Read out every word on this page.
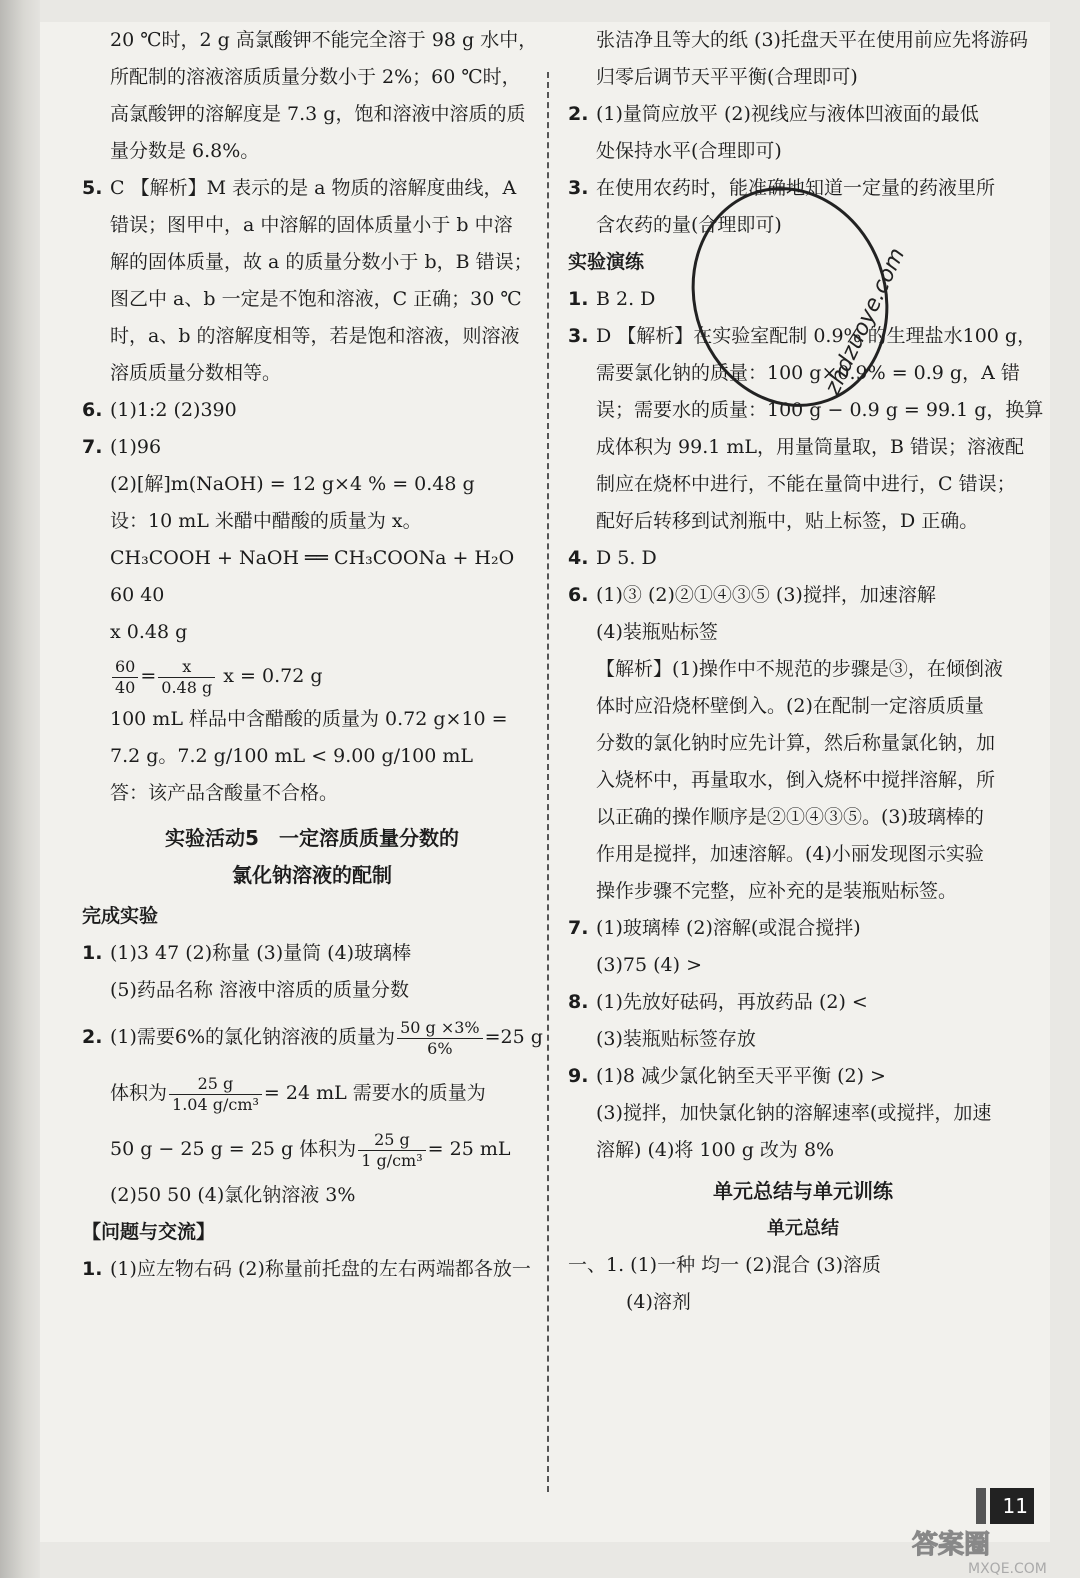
20 ℃时，2 g 高氯酸钾不能完全溶于 98 g 水中，

所配制的溶液溶质质量分数小于 2%；60 ℃时，

高氯酸钾的溶解度是 7.3 g，饱和溶液中溶质的质

量分数是 6.8%。

5. C 【解析】M 表示的是 a 物质的溶解度曲线，A

错误；图甲中，a 中溶解的固体质量小于 b 中溶

解的固体质量，故 a 的质量分数小于 b，B 错误；

图乙中 a、b 一定是不饱和溶液，C 正确；30 ℃

时，a、b 的溶解度相等，若是饱和溶液，则溶液

溶质质量分数相等。

6. (1)1:2 (2)390

7. (1)96

(2)[解]m(NaOH) = 12 g×4 % = 0.48 g

设：10 mL 米醋中醋酸的质量为 x。

CH₃COOH + NaOH ══ CH₃COONa + H₂O

60 40

x 0.48 g

$\frac{60}{40} = \frac{x}{0.48 g}$ x = 0.72 g

100 mL 样品中含醋酸的质量为 0.72 g×10 =

7.2 g。7.2 g/100 mL < 9.00 g/100 mL

答：该产品含酸量不合格。

实验活动5　一定溶质质量分数的
氯化钠溶液的配制

完成实验

1. (1)3 47 (2)称量 (3)量筒 (4)玻璃棒

(5)药品名称 溶液中溶质的质量分数

2. (1)需要6%的氯化钠溶液的质量为 $\frac{50 g \times 3\%}{6\%} =25$ g

体积为 $\frac{25 g}{\text{1.04 g/cm³}} = 24$ mL 需要水的质量为

50 g − 25 g = 25 g 体积为 $\frac{25 g}{\text{1 g/cm³}} = 25$ mL

(2)50 50 (4)氯化钠溶液 3%

【问题与交流】

1. (1)应左物右码 (2)称量前托盘的左右两端都各放一

张洁净且等大的纸 (3)托盘天平在使用前应先将游码

归零后调节天平平衡(合理即可)

2. (1)量筒应放平 (2)视线应与液体凹液面的最低

处保持水平(合理即可)

3. 在使用农药时，能准确地知道一定量的药液里所

含农药的量(合理即可)

实验演练

1. B 2. D

3. D 【解析】在实验室配制 0.9% 的生理盐水100 g，

需要氯化钠的质量：100 g×0.9% = 0.9 g，A 错

误；需要水的质量：100 g − 0.9 g = 99.1 g，换算

成体积为 99.1 mL，用量筒量取，B 错误；溶液配

制应在烧杯中进行，不能在量筒中进行，C 错误；

配好后转移到试剂瓶中，贴上标签，D 正确。

4. D 5. D

6. (1)③ (2)②①④③⑤ (3)搅拌，加速溶解

(4)装瓶贴标签

【解析】(1)操作中不规范的步骤是③，在倾倒液

体时应沿烧杯壁倒入。(2)在配制一定溶质质量

分数的氯化钠时应先计算，然后称量氯化钠，加

入烧杯中，再量取水，倒入烧杯中搅拌溶解，所

以正确的操作顺序是②①④③⑤。(3)玻璃棒的

作用是搅拌，加速溶解。(4)小丽发现图示实验

操作步骤不完整，应补充的是装瓶贴标签。

7. (1)玻璃棒 (2)溶解(或混合搅拌)

(3)75 (4) >

8. (1)先放好砝码，再放药品 (2) <

(3)装瓶贴标签存放

9. (1)8 减少氯化钠至天平平衡 (2) >

(3)搅拌，加快氯化钠的溶解速率(或搅拌，加速

溶解) (4)将 100 g 改为 8%

单元总结与单元训练
单元总结

一、1. (1)一种 均一 (2)混合 (3)溶质

(4)溶剂

zhdzuoye.com
11
答案圈
MXQE.COM
